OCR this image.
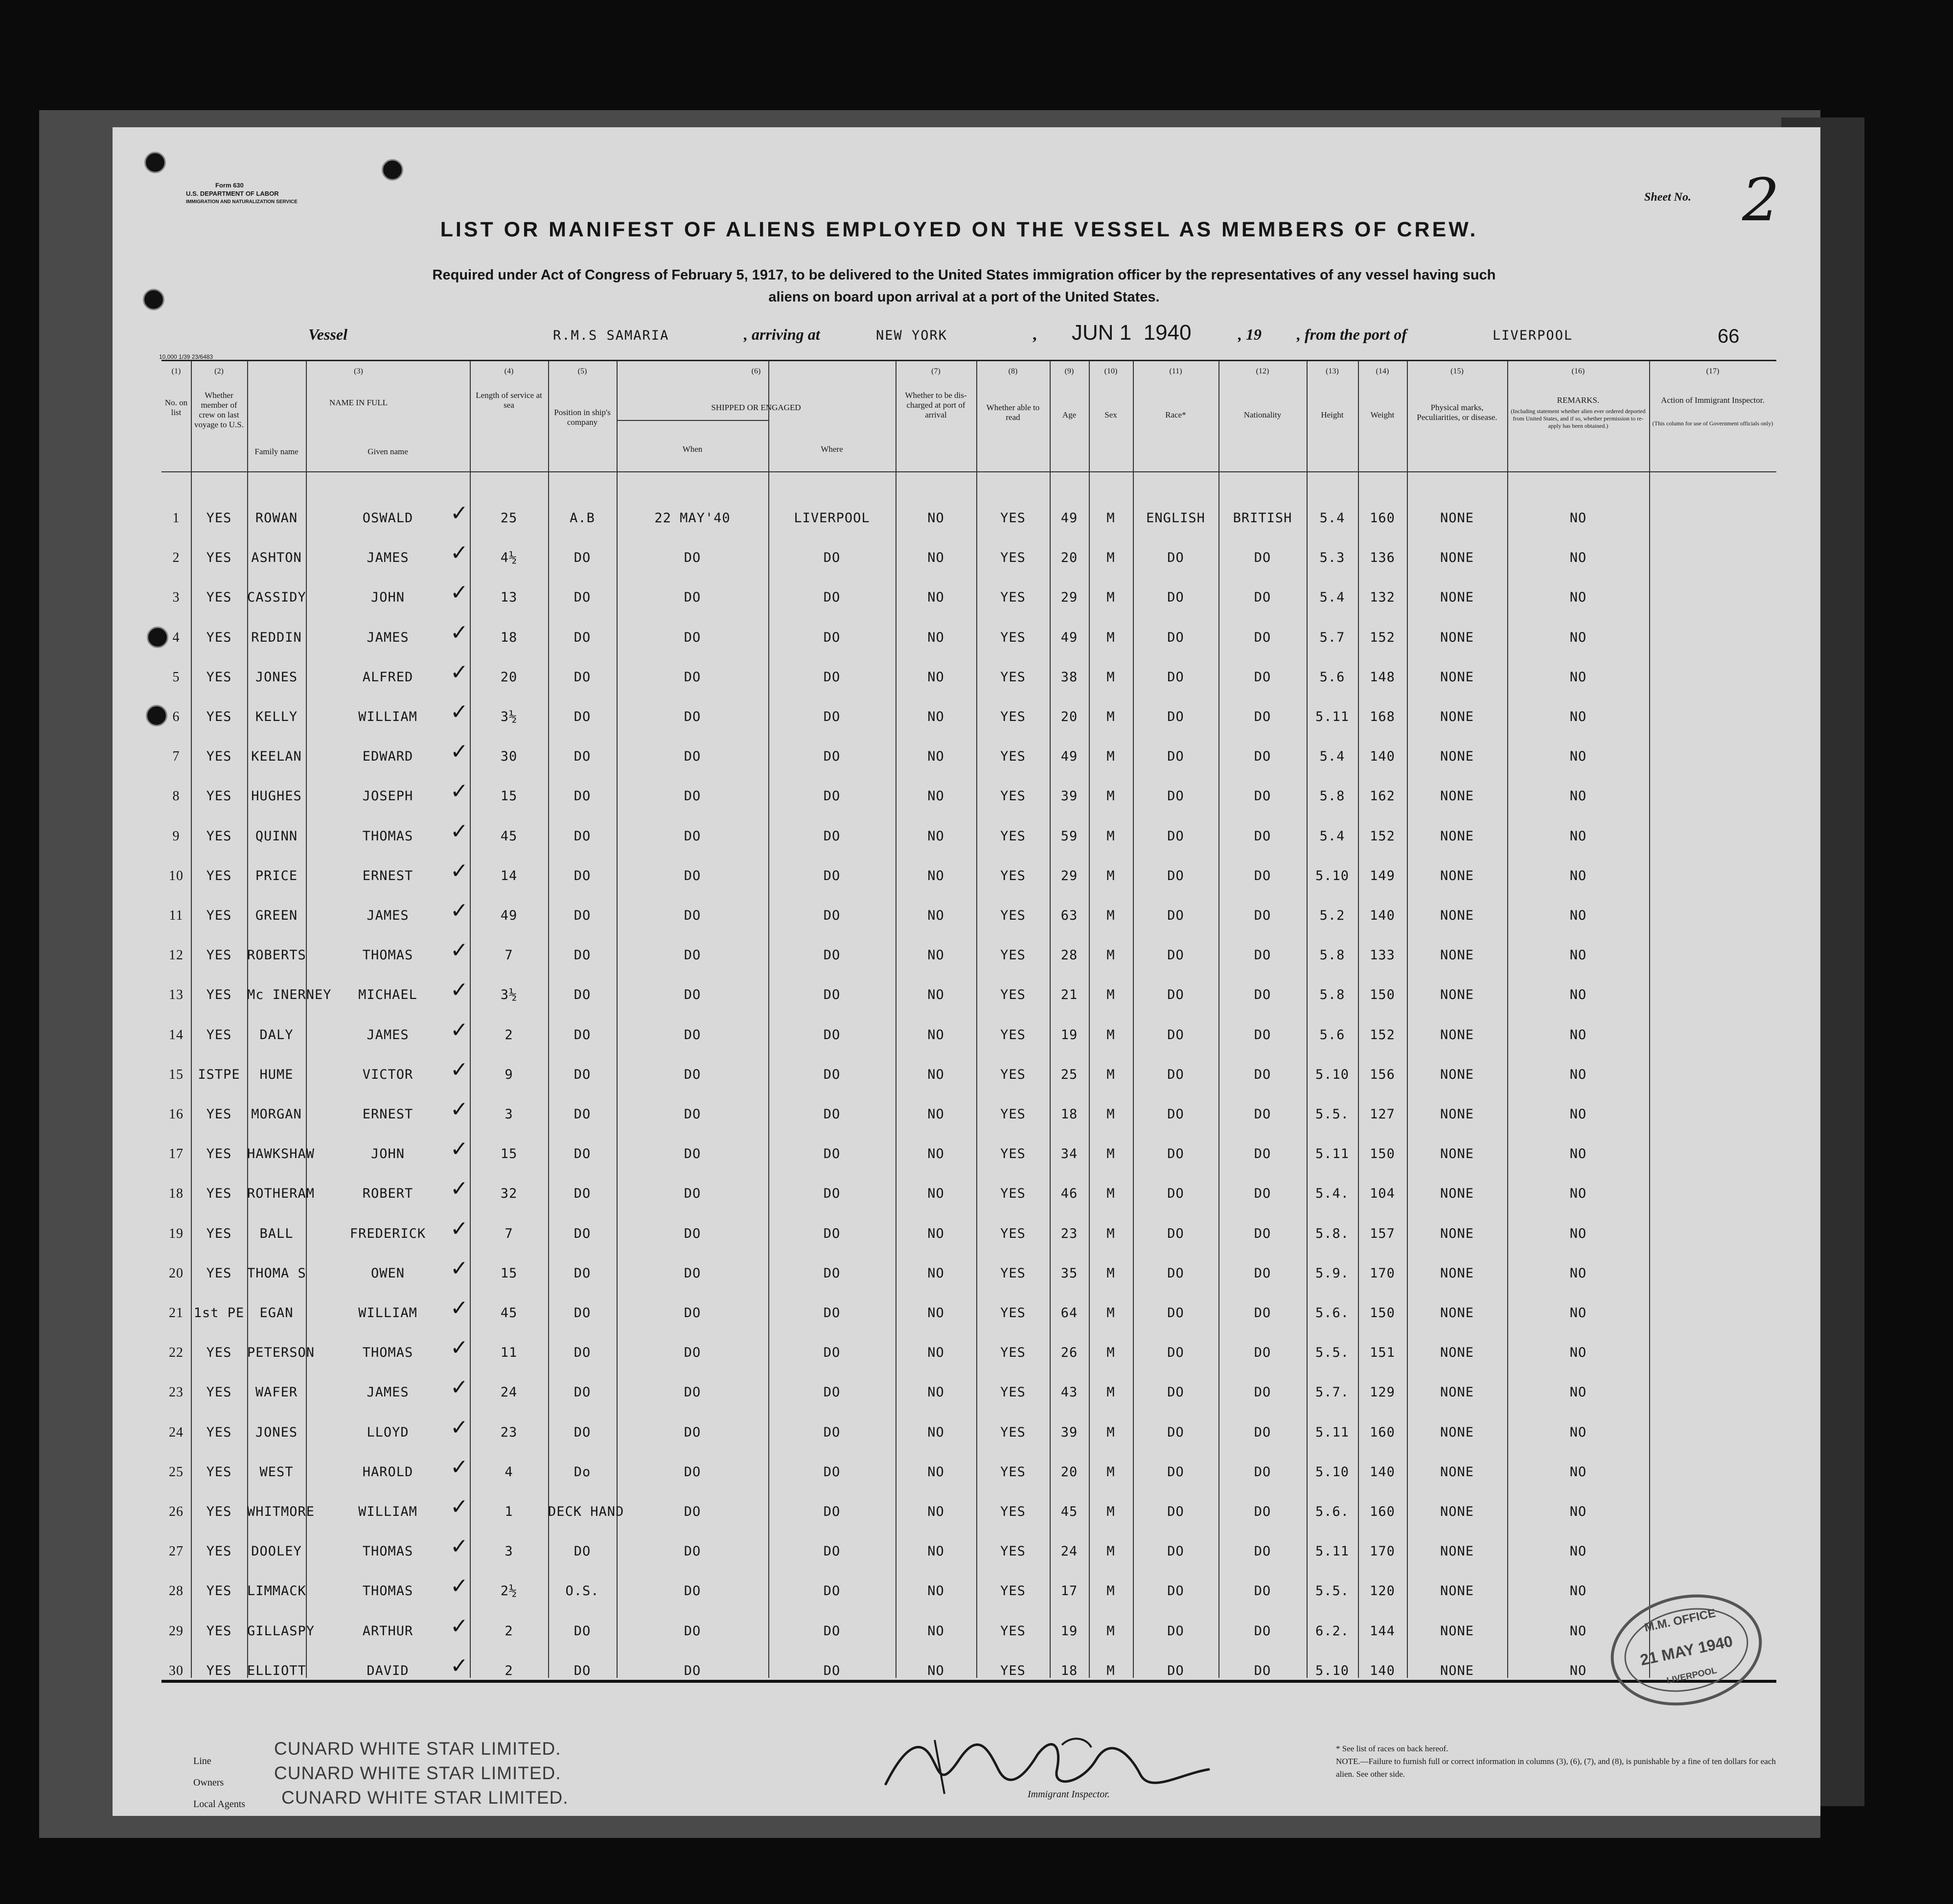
Form 630
U.S. DEPARTMENT OF LABOR
IMMIGRATION AND NATURALIZATION SERVICE	Sheet No. 2
LIST OR MANIFEST OF ALIENS EMPLOYED ON THE VESSEL AS MEMBERS OF CREW.
Required under Act of Congress of February 5, 1917, to be delivered to the United States immigration officer by the representatives of any vessel having such
aliens on board upon arrival at a port of the United States.
Vessel	R.M.S SAMARIA	, arriving at	NEW YORK	, JUN 1  1940	, 19 , from the port of	LIVERPOOL	66
10,000 1/39 23/6483
(1)	(2)	(3)	(4)	(5)	(6)	(7)	(8)	(9)	(10)	(11)	(12)	(13)	(14)	(15)	(16)	(17)
No. on list
Whether member of crew on last voyage to U.S.
NAME IN FULL
Family name	Given name
Length of service at sea
Position in ship's company
SHIPPED OR ENGAGED
When	Where
Whether to be dis-charged at port of arrival
Whether able to read	Age	Sex	Race*	Nationality	Height	Weight
Physical marks, Peculiarities, or disease.
REMARKS.
(Including statement whether alien ever ordered deported from United States, and if so, whether permission to re-apply has been obtained.)
Action of Immigrant Inspector.
(This column for use of Government officials only)
1	YES	ROWAN	OSWALD	25	A.B	22 MAY'40	LIVERPOOL	NO	YES	49	M	ENGLISH	BRITISH	5.4	160	NONE	NO
✓
2	YES	ASHTON	JAMES	4½	DO	DO	DO	NO	YES	20	M	DO	DO	5.3	136	NONE	NO
✓
3	YES	CASSIDY	JOHN	13	DO	DO	DO	NO	YES	29	M	DO	DO	5.4	132	NONE	NO
✓
4	YES	REDDIN	JAMES	18	DO	DO	DO	NO	YES	49	M	DO	DO	5.7	152	NONE	NO
✓
5	YES	JONES	ALFRED	20	DO	DO	DO	NO	YES	38	M	DO	DO	5.6	148	NONE	NO
✓
6	YES	KELLY	WILLIAM	3½	DO	DO	DO	NO	YES	20	M	DO	DO	5.11	168	NONE	NO
✓
7	YES	KEELAN	EDWARD	30	DO	DO	DO	NO	YES	49	M	DO	DO	5.4	140	NONE	NO
✓
8	YES	HUGHES	JOSEPH	15	DO	DO	DO	NO	YES	39	M	DO	DO	5.8	162	NONE	NO
✓
9	YES	QUINN	THOMAS	45	DO	DO	DO	NO	YES	59	M	DO	DO	5.4	152	NONE	NO
✓
10	YES	PRICE	ERNEST	14	DO	DO	DO	NO	YES	29	M	DO	DO	5.10	149	NONE	NO
✓
11	YES	GREEN	JAMES	49	DO	DO	DO	NO	YES	63	M	DO	DO	5.2	140	NONE	NO
✓
12	YES	ROBERTS	THOMAS	7	DO	DO	DO	NO	YES	28	M	DO	DO	5.8	133	NONE	NO
✓
13	YES	Mc INERNEY	MICHAEL	3½	DO	DO	DO	NO	YES	21	M	DO	DO	5.8	150	NONE	NO
✓
14	YES	DALY	JAMES	2	DO	DO	DO	NO	YES	19	M	DO	DO	5.6	152	NONE	NO
✓
15	ISTPE	HUME	VICTOR	9	DO	DO	DO	NO	YES	25	M	DO	DO	5.10	156	NONE	NO
✓
16	YES	MORGAN	ERNEST	3	DO	DO	DO	NO	YES	18	M	DO	DO	5.5.	127	NONE	NO
✓
17	YES	HAWKSHAW	JOHN	15	DO	DO	DO	NO	YES	34	M	DO	DO	5.11	150	NONE	NO
✓
18	YES	ROTHERAM	ROBERT	32	DO	DO	DO	NO	YES	46	M	DO	DO	5.4.	104	NONE	NO
✓
19	YES	BALL	FREDERICK	7	DO	DO	DO	NO	YES	23	M	DO	DO	5.8.	157	NONE	NO
✓
20	YES	THOMA S	OWEN	15	DO	DO	DO	NO	YES	35	M	DO	DO	5.9.	170	NONE	NO
✓
21 1st PE	EGAN	WILLIAM	45	DO	DO	DO	NO	YES	64	M	DO	DO	5.6.	150	NONE	NO
✓
22	YES	PETERSON	THOMAS	11	DO	DO	DO	NO	YES	26	M	DO	DO	5.5.	151	NONE	NO
✓
23	YES	WAFER	JAMES	24	DO	DO	DO	NO	YES	43	M	DO	DO	5.7.	129	NONE	NO
✓
24	YES	JONES	LLOYD	23	DO	DO	DO	NO	YES	39	M	DO	DO	5.11	160	NONE	NO
✓
25	YES	WEST	HAROLD	4	Do	DO	DO	NO	YES	20	M	DO	DO	5.10	140	NONE	NO
✓
26	YES	WHITMORE	WILLIAM	1	DECK HAND	DO	DO	NO	YES	45	M	DO	DO	5.6.	160	NONE	NO
✓
27	YES	DOOLEY	THOMAS	3	DO	DO	DO	NO	YES	24	M	DO	DO	5.11	170	NONE	NO
✓
28	YES	LIMMACK	THOMAS	2½	O.S.	DO	DO	NO	YES	17	M	DO	DO	5.5.	120	NONE	NO
✓
29	YES	GILLASPY	ARTHUR	2	DO	DO	DO	NO	YES	19	M	DO	DO	6.2.	144	NONE	NO
✓
30	YES	ELLIOTT	DAVID	2	DO	DO	DO	NO	YES	18	M	DO	DO	5.10	140	NONE	NO
✓
Line
Owners
Local Agents
CUNARD WHITE STAR LIMITED.
CUNARD WHITE STAR LIMITED.
CUNARD WHITE STAR LIMITED.	Immigrant Inspector.
* See list of races on back hereof.
NOTE.—Failure to furnish full or correct information in columns (3), (6), (7), and (8), is punishable by a fine of ten dollars for each alien. See other side.
M.M. OFFICE
21 MAY 1940
LIVERPOOL
